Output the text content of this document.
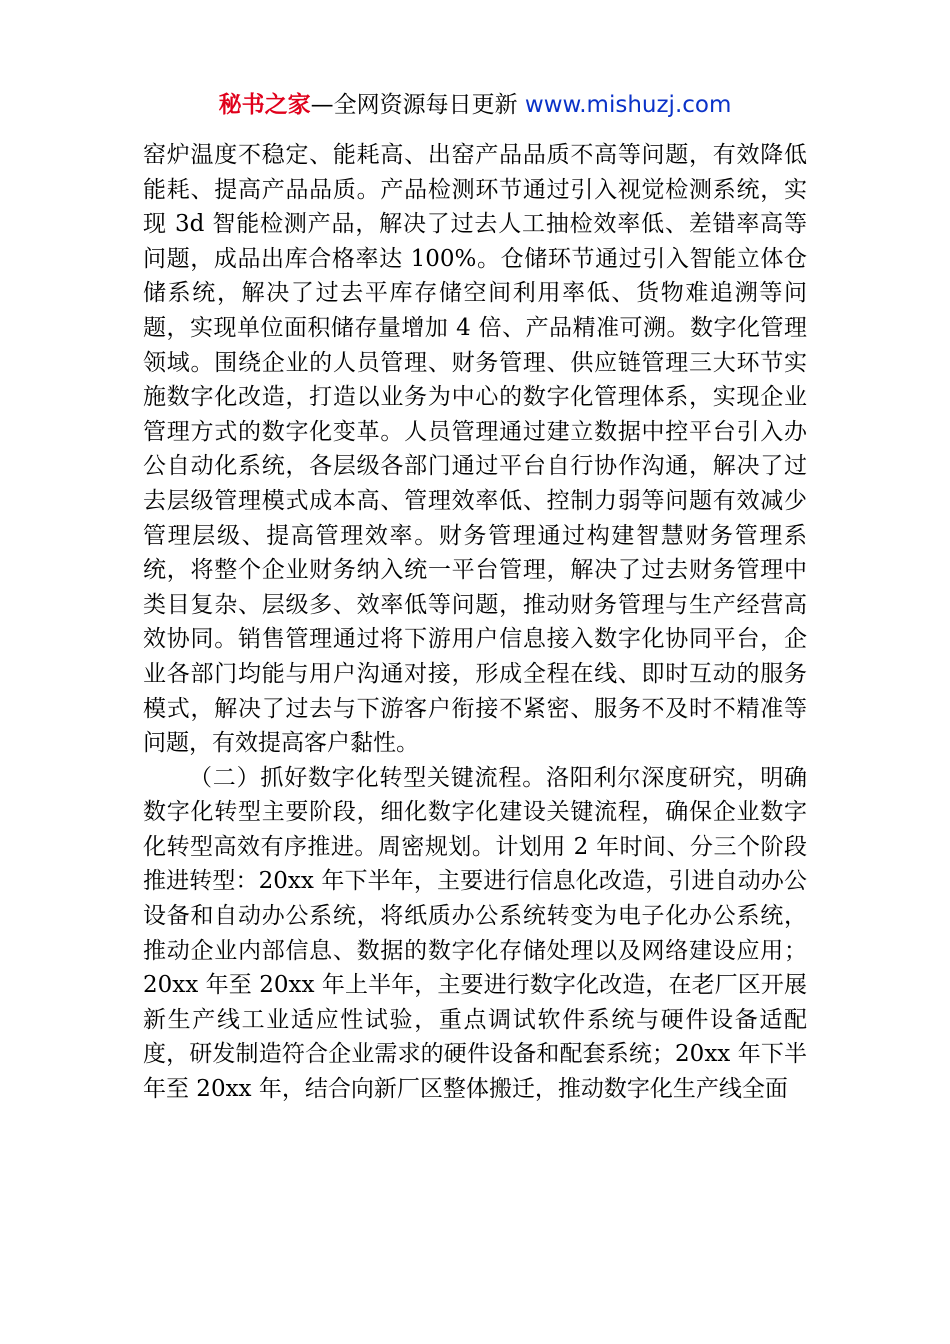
秘书之家—全网资源每日更新 www.mishuzj.com

窑炉温度不稳定、能耗高、出窑产品品质不高等问题，有效降低能耗、提高产品品质。产品检测环节通过引入视觉检测系统，实现 3d 智能检测产品，解决了过去人工抽检效率低、差错率高等问题，成品出库合格率达 100%。仓储环节通过引入智能立体仓储系统，解决了过去平库存储空间利用率低、货物难追溯等问题，实现单位面积储存量增加 4 倍、产品精准可溯。数字化管理领域。围绕企业的人员管理、财务管理、供应链管理三大环节实施数字化改造，打造以业务为中心的数字化管理体系，实现企业管理方式的数字化变革。人员管理通过建立数据中控平台引入办公自动化系统，各层级各部门通过平台自行协作沟通，解决了过去层级管理模式成本高、管理效率低、控制力弱等问题有效减少管理层级、提高管理效率。财务管理通过构建智慧财务管理系统，将整个企业财务纳入统一平台管理，解决了过去财务管理中类目复杂、层级多、效率低等问题，推动财务管理与生产经营高效协同。销售管理通过将下游用户信息接入数字化协同平台，企业各部门均能与用户沟通对接，形成全程在线、即时互动的服务模式，解决了过去与下游客户衔接不紧密、服务不及时不精准等问题，有效提高客户黏性。

（二）抓好数字化转型关键流程。洛阳利尔深度研究，明确数字化转型主要阶段，细化数字化建设关键流程，确保企业数字化转型高效有序推进。周密规划。计划用 2 年时间、分三个阶段推进转型：20xx 年下半年，主要进行信息化改造，引进自动办公设备和自动办公系统，将纸质办公系统转变为电子化办公系统，推动企业内部信息、数据的数字化存储处理以及网络建设应用；20xx 年至 20xx 年上半年，主要进行数字化改造，在老厂区开展新生产线工业适应性试验，重点调试软件系统与硬件设备适配度，研发制造符合企业需求的硬件设备和配套系统；20xx 年下半年至 20xx 年，结合向新厂区整体搬迁，推动数字化生产线全面
